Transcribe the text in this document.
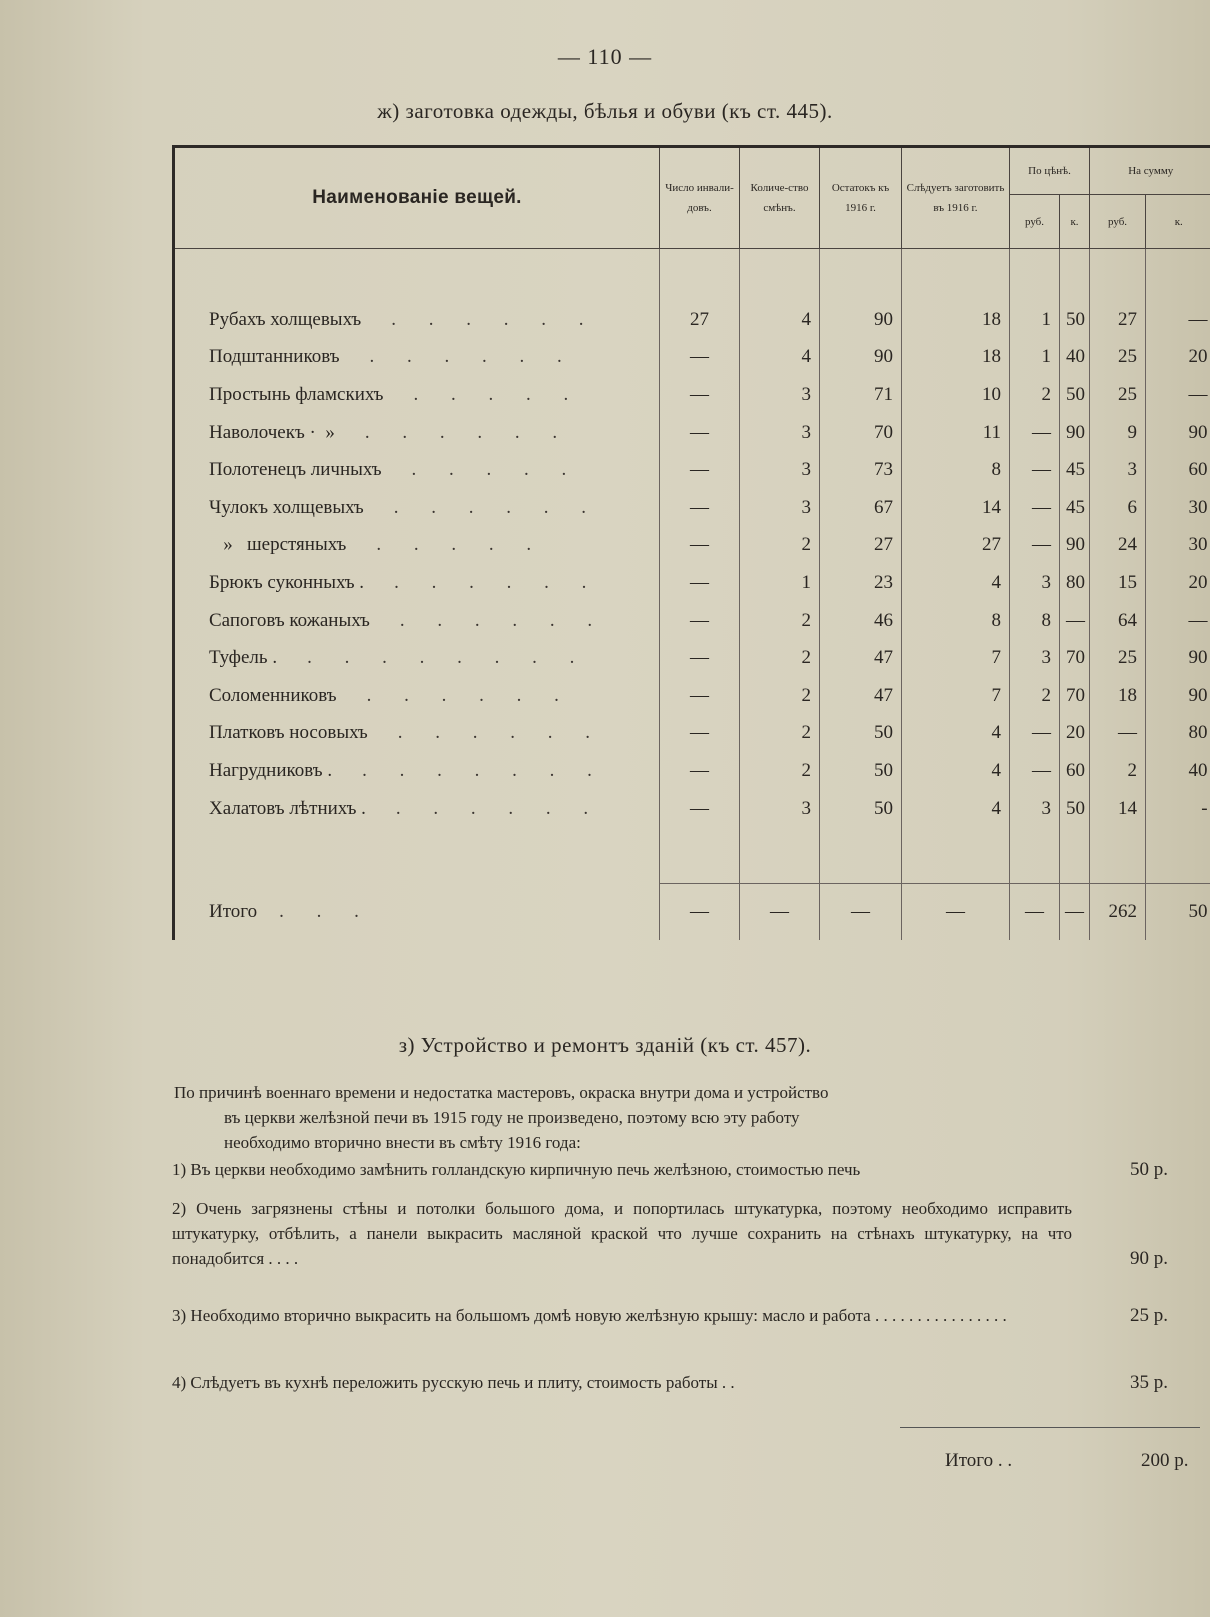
— 110 —
ж) заготовка одежды, бѣлья и обуви (къ ст. 445).
Наименованіе вещей.	Число инвали-довъ.	Количе-ство смѣнъ.	Остатокъ къ 1916 г.	Слѣдуетъ заготовить въ 1916 г.	По цѣнѣ.		На сумму	
					руб.	к.	руб.	к.

Рубахъ холщевыхъ . . . . . .	27	4	90	18	1	50	27	—
Подштанниковъ . . . . . .	—	4	90	18	1	40	25	20
Простынь фламскихъ . . . . .	—	3	71	10	2	50	25	—
Наволочекъ ·  » . . . . . .	—	3	70	11	—	90	9	90
Полотенецъ личныхъ . . . . .	—	3	73	8	—	45	3	60
Чулокъ холщевыхъ . . . . . .	—	3	67	14	—	45	6	30
»   шерстяныхъ . . . . .	—	2	27	27	—	90	24	30
Брюкъ суконныхъ . . . . . . .	—	1	23	4	3	80	15	20
Сапоговъ кожаныхъ . . . . . .	—	2	46	8	8	—	64	—
Туфель . . . . . . . . .	—	2	47	7	3	70	25	90
Соломенниковъ . . . . . .	—	2	47	7	2	70	18	90
Платковъ носовыхъ . . . . . .	—	2	50	4	—	20	—	80
Нагрудниковъ . . . . . . . .	—	2	50	4	—	60	2	40
Халатовъ лѣтнихъ . . . . . . .	—	3	50	4	3	50	14	-

Итого . . .	—	—	—	—	—	—	262	50
з) Устройство и ремонтъ зданій (къ ст. 457).
По причинѣ военнаго времени и недостатка мастеровъ, окраска внутри дома и устройство
въ церкви желѣзной печи въ 1915 году не произведено, поэтому всю эту работу
необходимо вторично внести въ смѣту 1916 года:
1) Въ церкви необходимо замѣнить голландскую кирпичную печь желѣзною, стоимостью печь	50 р.
2) Очень загрязнены стѣны и потолки большого дома, и попортилась штукатурка, поэтому необходимо исправить штукатурку, отбѣлить, а панели выкрасить масляной краской что лучше сохранить на стѣнахъ штукатурку, на что понадобится . . . .	90 р.
3) Необходимо вторично выкрасить на большомъ домѣ новую желѣзную крышу: масло и работа . . . . . . . . . . . . . . . .	25 р.
4) Слѣдуетъ въ кухнѣ переложить русскую печь и плиту, стоимость работы . .	35 р.
Итого . .	200 р.
